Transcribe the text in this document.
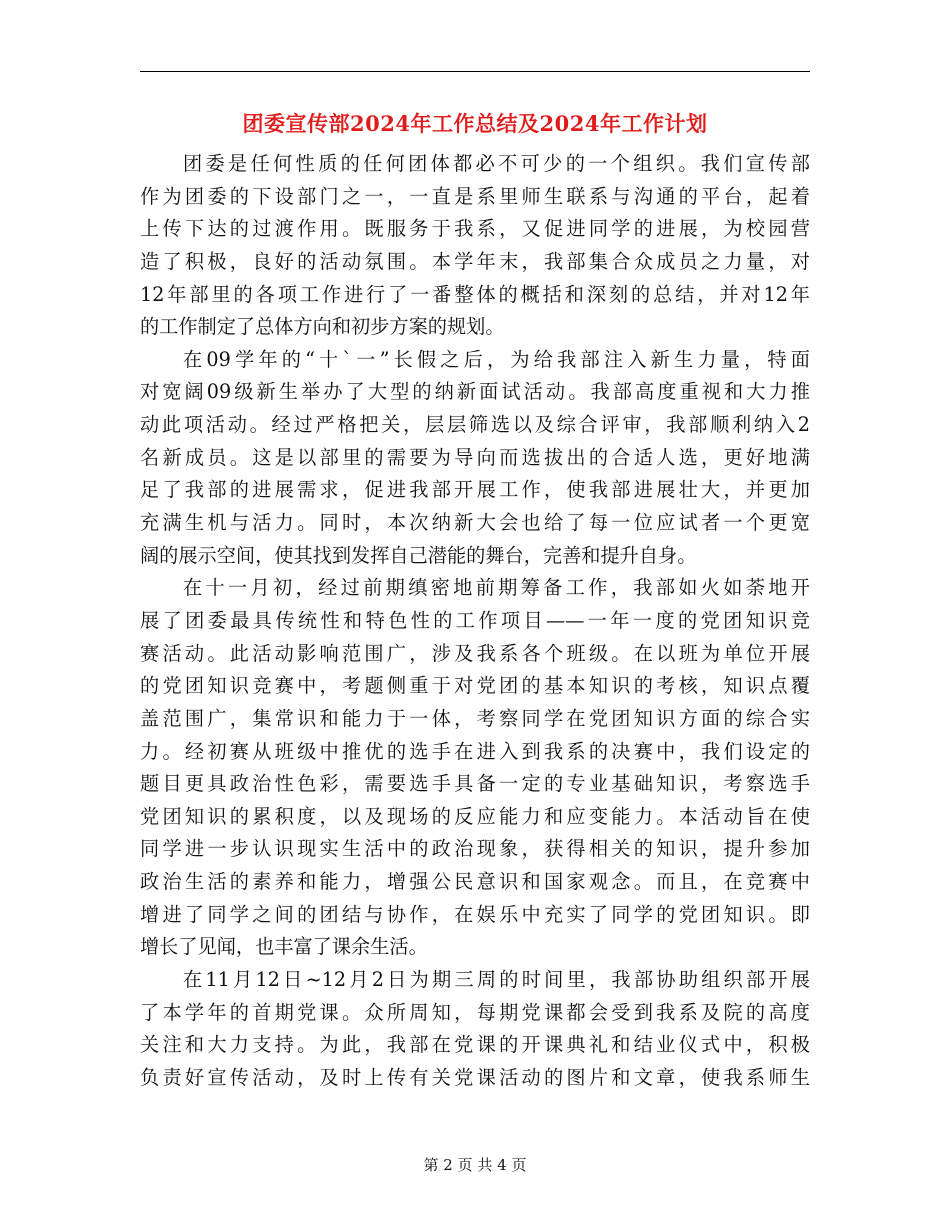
团委宣传部2024年工作总结及2024年工作计划
团委是任何性质的任何团体都必不可少的一个组织。我们宣传部
作为团委的下设部门之一，一直是系里师生联系与沟通的平台，起着
上传下达的过渡作用。既服务于我系，又促进同学的进展，为校园营
造了积极，良好的活动氛围。本学年末，我部集合众成员之力量，对
12年部里的各项工作进行了一番整体的概括和深刻的总结，并对12年
的工作制定了总体方向和初步方案的规划。
在09学年的“十`一”长假之后，为给我部注入新生力量，特面
对宽阔09级新生举办了大型的纳新面试活动。我部高度重视和大力推
动此项活动。经过严格把关，层层筛选以及综合评审，我部顺利纳入2
名新成员。这是以部里的需要为导向而选拔出的合适人选，更好地满
足了我部的进展需求，促进我部开展工作，使我部进展壮大，并更加
充满生机与活力。同时，本次纳新大会也给了每一位应试者一个更宽
阔的展示空间，使其找到发挥自己潜能的舞台，完善和提升自身。
在十一月初，经过前期缜密地前期筹备工作，我部如火如荼地开
展了团委最具传统性和特色性的工作项目——一年一度的党团知识竞
赛活动。此活动影响范围广，涉及我系各个班级。在以班为单位开展
的党团知识竞赛中，考题侧重于对党团的基本知识的考核，知识点覆
盖范围广，集常识和能力于一体，考察同学在党团知识方面的综合实
力。经初赛从班级中推优的选手在进入到我系的决赛中，我们设定的
题目更具政治性色彩，需要选手具备一定的专业基础知识，考察选手
党团知识的累积度，以及现场的反应能力和应变能力。本活动旨在使
同学进一步认识现实生活中的政治现象，获得相关的知识，提升参加
政治生活的素养和能力，增强公民意识和国家观念。而且，在竞赛中
增进了同学之间的团结与协作，在娱乐中充实了同学的党团知识。即
增长了见闻，也丰富了课余生活。
在11月12日~12月2日为期三周的时间里，我部协助组织部开展
了本学年的首期党课。众所周知，每期党课都会受到我系及院的高度
关注和大力支持。为此，我部在党课的开课典礼和结业仪式中，积极
负责好宣传活动，及时上传有关党课活动的图片和文章，使我系师生
第 2 页 共 4 页
